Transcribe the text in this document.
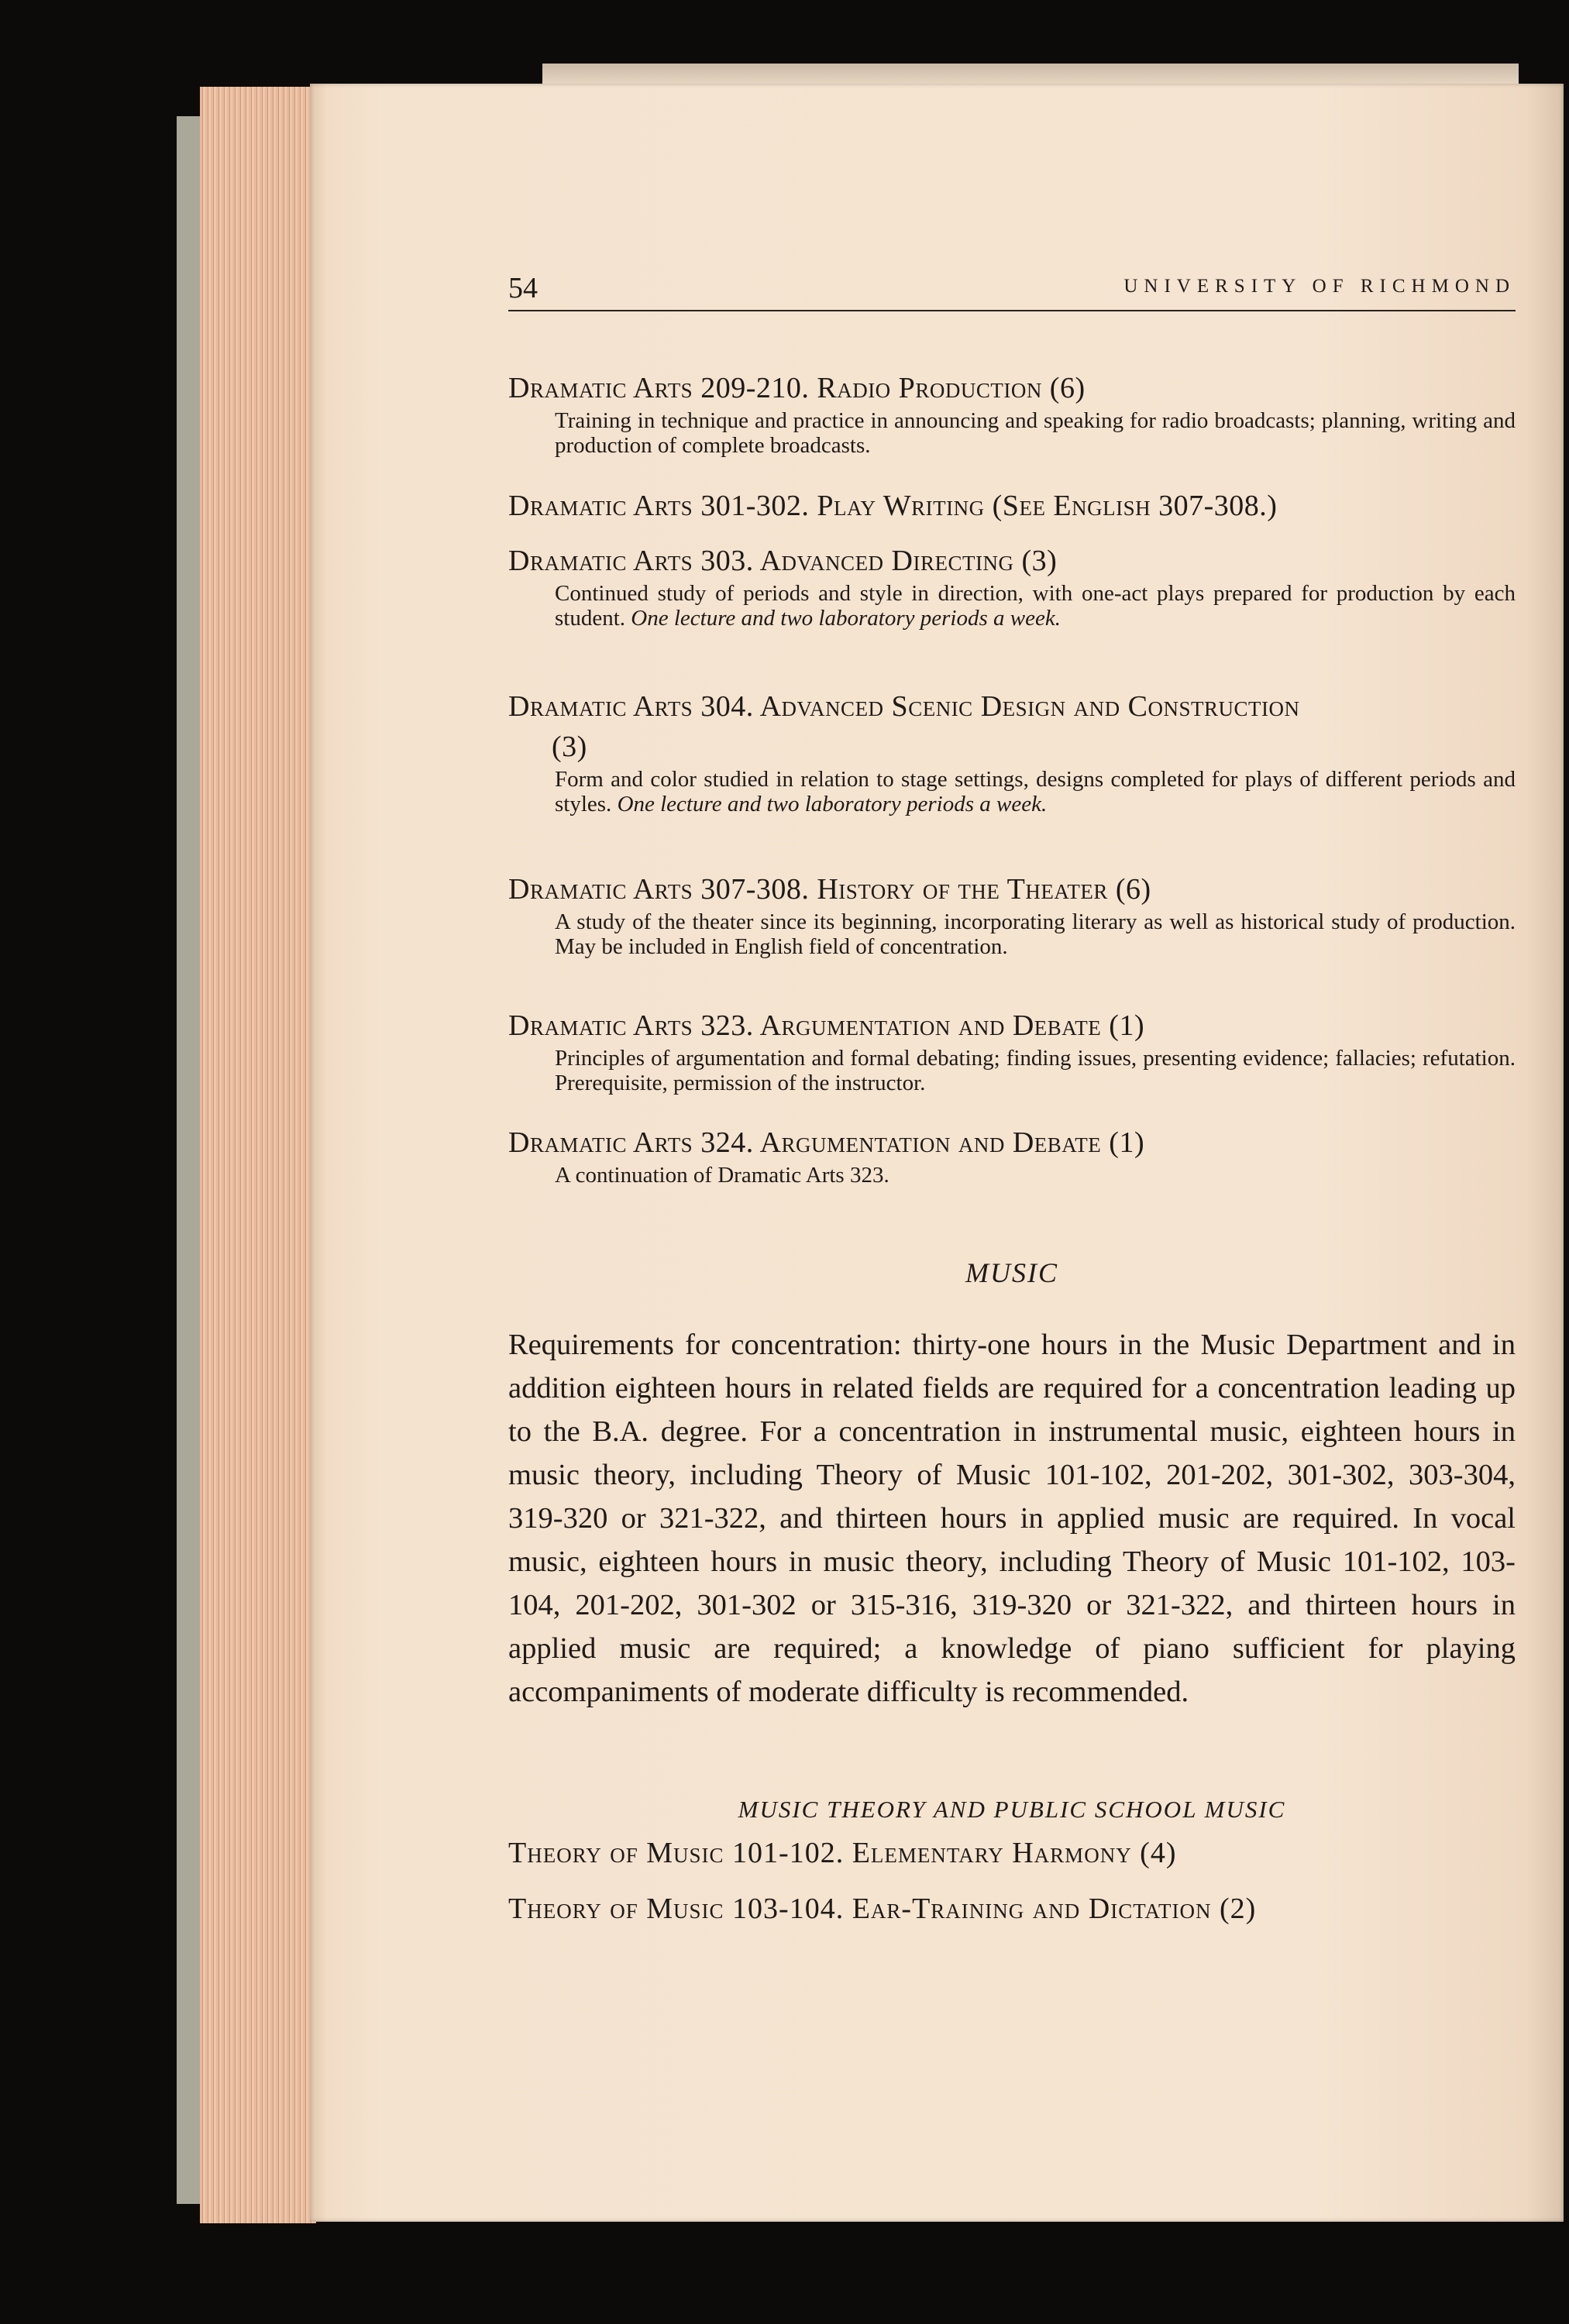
54	UNIVERSITY OF RICHMOND
Dramatic Arts 209-210. Radio Production (6)
Training in technique and practice in announcing and speaking for radio broadcasts; planning, writing and production of complete broadcasts.
Dramatic Arts 301-302. Play Writing (See English 307-308.)
Dramatic Arts 303. Advanced Directing (3)
Continued study of periods and style in direction, with one-act plays prepared for production by each student. One lecture and two laboratory periods a week.
Dramatic Arts 304. Advanced Scenic Design and Construction
(3)
Form and color studied in relation to stage settings, designs completed for plays of different periods and styles. One lecture and two laboratory periods a week.
Dramatic Arts 307-308. History of the Theater (6)
A study of the theater since its beginning, incorporating literary as well as historical study of production. May be included in English field of concentration.
Dramatic Arts 323. Argumentation and Debate (1)
Principles of argumentation and formal debating; finding issues, presenting evidence; fallacies; refutation. Prerequisite, permission of the instructor.
Dramatic Arts 324. Argumentation and Debate (1)
A continuation of Dramatic Arts 323.
MUSIC
Requirements for concentration: thirty-one hours in the Music Department and in addition eighteen hours in related fields are required for a concentration leading up to the B.A. degree. For a concentration in instrumental music, eighteen hours in music theory, including Theory of Music 101-102, 201-202, 301-302, 303-304, 319-320 or 321-322, and thirteen hours in applied music are required. In vocal music, eighteen hours in music theory, including Theory of Music 101-102, 103-104, 201-202, 301-302 or 315-316, 319-320 or 321-322, and thirteen hours in applied music are required; a knowledge of piano sufficient for playing accompaniments of moderate difficulty is recommended.
MUSIC THEORY AND PUBLIC SCHOOL MUSIC
Theory of Music 101-102. Elementary Harmony (4)
Theory of Music 103-104. Ear-Training and Dictation (2)
